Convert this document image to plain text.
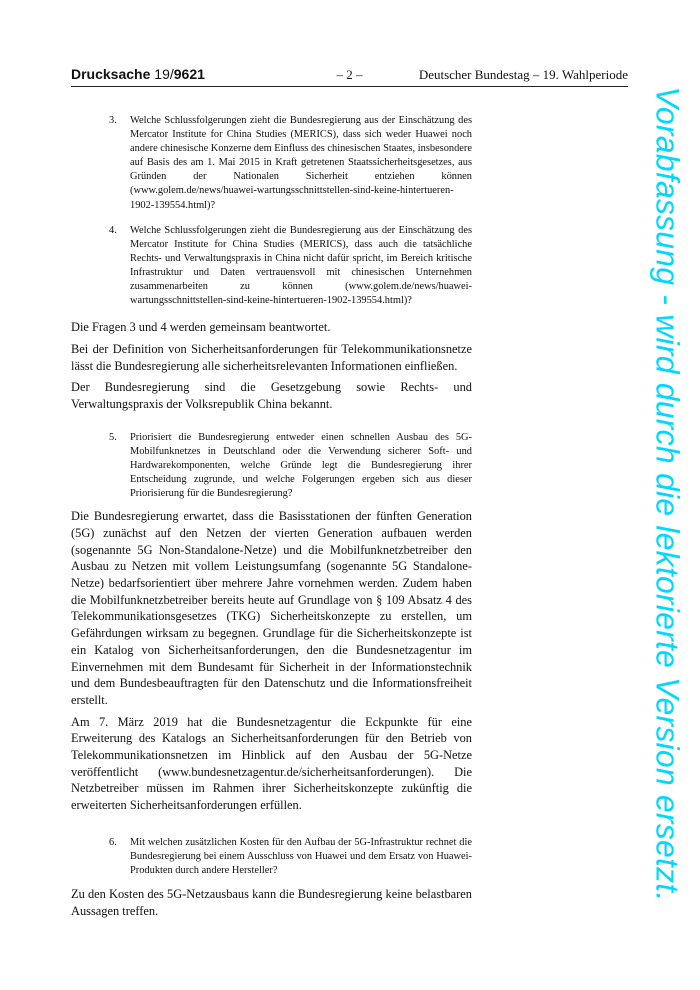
Drucksache 19/9621	– 2 –	Deutscher Bundestag – 19. Wahlperiode
3. Welche Schlussfolgerungen zieht die Bundesregierung aus der Einschätzung des Mercator Institute for China Studies (MERICS), dass sich weder Huawei noch andere chinesische Konzerne dem Einfluss des chinesischen Staates, insbesondere auf Basis des am 1. Mai 2015 in Kraft getretenen Staatssicherheitsgesetzes, aus Gründen der Nationalen Sicherheit entziehen können (www.golem.de/news/huawei-wartungsschnittstellen-sind-keine-hintertueren-1902-139554.html)?
4. Welche Schlussfolgerungen zieht die Bundesregierung aus der Einschätzung des Mercator Institute for China Studies (MERICS), dass auch die tatsächliche Rechts- und Verwaltungspraxis in China nicht dafür spricht, im Bereich kritische Infrastruktur und Daten vertrauensvoll mit chinesischen Unternehmen zusammenarbeiten zu können (www.golem.de/news/huawei-wartungsschnittstellen-sind-keine-hintertueren-1902-139554.html)?

Die Fragen 3 und 4 werden gemeinsam beantwortet.

Bei der Definition von Sicherheitsanforderungen für Telekommunikationsnetze lässt die Bundesregierung alle sicherheitsrelevanten Informationen einfließen.

Der Bundesregierung sind die Gesetzgebung sowie Rechts- und Verwaltungspraxis der Volksrepublik China bekannt.

5. Priorisiert die Bundesregierung entweder einen schnellen Ausbau des 5G-Mobilfunknetzes in Deutschland oder die Verwendung sicherer Soft- und Hardwarekomponenten, welche Gründe legt die Bundesregierung ihrer Entscheidung zugrunde, und welche Folgerungen ergeben sich aus dieser Priorisierung für die Bundesregierung?

Die Bundesregierung erwartet, dass die Basisstationen der fünften Generation (5G) zunächst auf den Netzen der vierten Generation aufbauen werden (sogenannte 5G Non-Standalone-Netze) und die Mobilfunknetzbetreiber den Ausbau zu Netzen mit vollem Leistungsumfang (sogenannte 5G Standalone-Netze) bedarfsorientiert über mehrere Jahre vornehmen werden. Zudem haben die Mobilfunknetzbetreiber bereits heute auf Grundlage von § 109 Absatz 4 des Telekommunikationsgesetzes (TKG) Sicherheitskonzepte zu erstellen, um Gefährdungen wirksam zu begegnen. Grundlage für die Sicherheitskonzepte ist ein Katalog von Sicherheitsanforderungen, den die Bundesnetzagentur im Einvernehmen mit dem Bundesamt für Sicherheit in der Informationstechnik und dem Bundesbeauftragten für den Datenschutz und die Informationsfreiheit erstellt.

Am 7. März 2019 hat die Bundesnetzagentur die Eckpunkte für eine Erweiterung des Katalogs an Sicherheitsanforderungen für den Betrieb von Telekommunikationsnetzen im Hinblick auf den Ausbau der 5G-Netze veröffentlicht (www.bundesnetzagentur.de/sicherheitsanforderungen). Die Netzbetreiber müssen im Rahmen ihrer Sicherheitskonzepte zukünftig die erweiterten Sicherheitsanforderungen erfüllen.

6. Mit welchen zusätzlichen Kosten für den Aufbau der 5G-Infrastruktur rechnet die Bundesregierung bei einem Ausschluss von Huawei und dem Ersatz von Huawei-Produkten durch andere Hersteller?

Zu den Kosten des 5G-Netzausbaus kann die Bundesregierung keine belastbaren Aussagen treffen.

Vorabfassung - wird durch die lektorierte Version ersetzt.
